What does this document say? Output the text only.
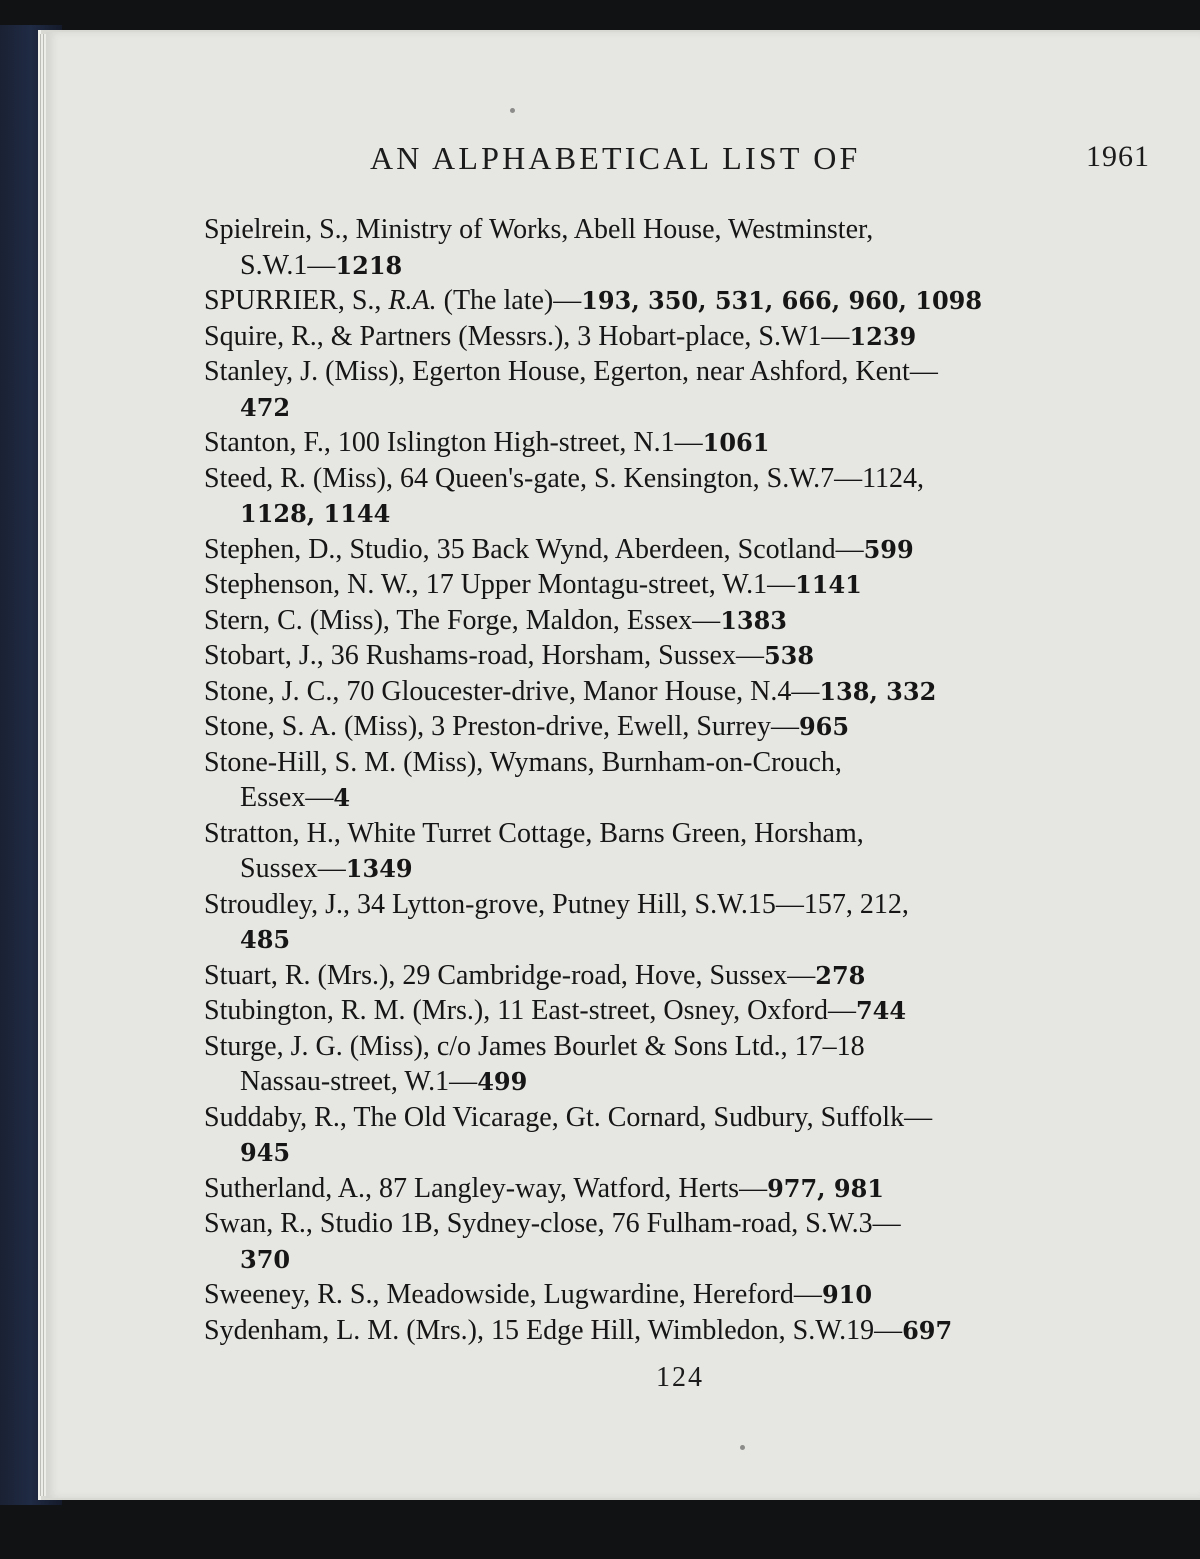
AN ALPHABETICAL LIST OF	1961
Spielrein, S., Ministry of Works, Abell House, Westminster,
S.W.1—1218
SPURRIER, S., R.A. (The late)—193, 350, 531, 666, 960, 1098
Squire, R., & Partners (Messrs.), 3 Hobart-place, S.W1—1239
Stanley, J. (Miss), Egerton House, Egerton, near Ashford, Kent—
472
Stanton, F., 100 Islington High-street, N.1—1061
Steed, R. (Miss), 64 Queen's-gate, S. Kensington, S.W.7—1124,
1128, 1144
Stephen, D., Studio, 35 Back Wynd, Aberdeen, Scotland—599
Stephenson, N. W., 17 Upper Montagu-street, W.1—1141
Stern, C. (Miss), The Forge, Maldon, Essex—1383
Stobart, J., 36 Rushams-road, Horsham, Sussex—538
Stone, J. C., 70 Gloucester-drive, Manor House, N.4—138, 332
Stone, S. A. (Miss), 3 Preston-drive, Ewell, Surrey—965
Stone-Hill, S. M. (Miss), Wymans, Burnham-on-Crouch,
Essex—4
Stratton, H., White Turret Cottage, Barns Green, Horsham,
Sussex—1349
Stroudley, J., 34 Lytton-grove, Putney Hill, S.W.15—157, 212,
485
Stuart, R. (Mrs.), 29 Cambridge-road, Hove, Sussex—278
Stubington, R. M. (Mrs.), 11 East-street, Osney, Oxford—744
Sturge, J. G. (Miss), c/o James Bourlet & Sons Ltd., 17–18
Nassau-street, W.1—499
Suddaby, R., The Old Vicarage, Gt. Cornard, Sudbury, Suffolk—
945
Sutherland, A., 87 Langley-way, Watford, Herts—977, 981
Swan, R., Studio 1B, Sydney-close, 76 Fulham-road, S.W.3—
370
Sweeney, R. S., Meadowside, Lugwardine, Hereford—910
Sydenham, L. M. (Mrs.), 15 Edge Hill, Wimbledon, S.W.19—697
124
